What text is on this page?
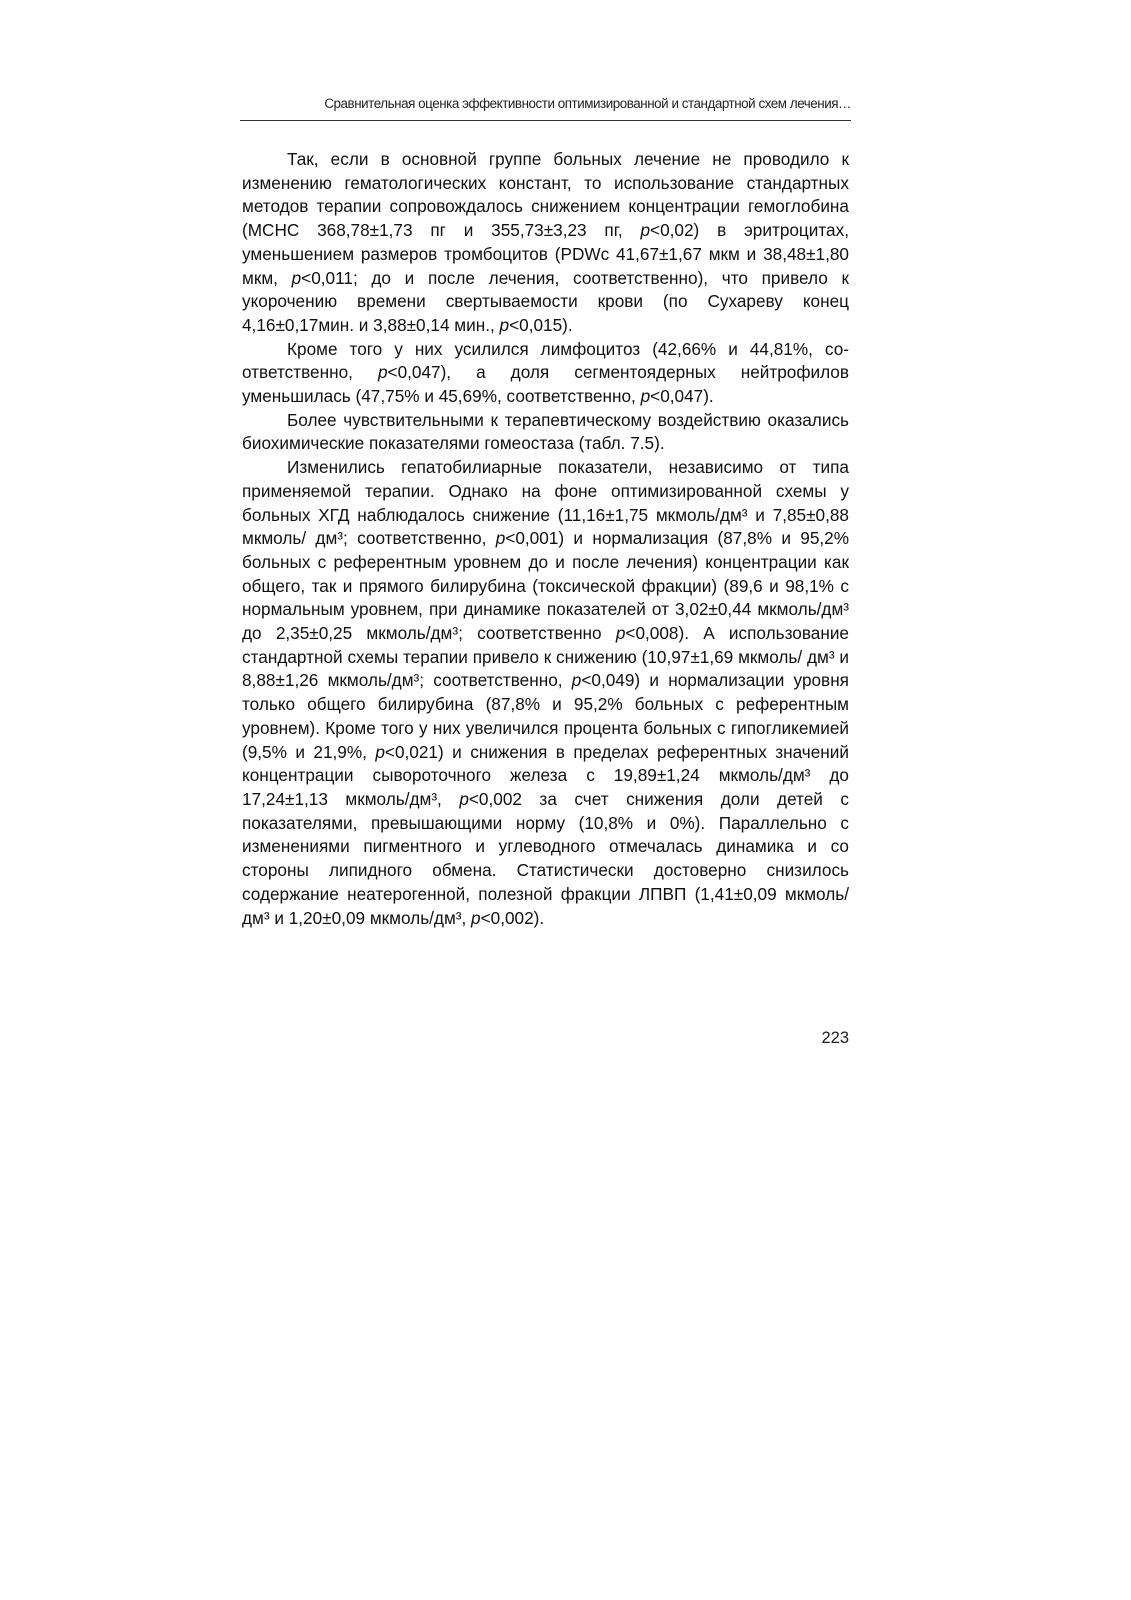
Сравнительная оценка эффективности оптимизированной и стандартной схем лечения…

Так, если в основной группе больных лечение не проводило к изменению гематологических констант, то использование стандартных методов терапии сопровождалось снижением концентрации гемоглобина (МСНС 368,78±1,73 пг и 355,73±3,23 пг, p<0,02) в эритроцитах, уменьшением размеров тромбоцитов (PDWc 41,67±1,67 мкм и 38,48±1,80 мкм, p<0,011; до и после лечения, соответственно), что привело к укорочению времени свертываемости крови (по Сухареву конец 4,16±0,17мин. и 3,88±0,14 мин., p<0,015).

Кроме того у них усилился лимфоцитоз (42,66% и 44,81%, соответственно, p<0,047), а доля сегментоядерных нейтрофилов уменьшилась (47,75% и 45,69%, соответственно, p<0,047).

Более чувствительными к терапевтическому воздействию оказались биохимические показателями гомеостаза (табл. 7.5).

Изменились гепатобилиарные показатели, независимо от типа применяемой терапии. Однако на фоне оптимизированной схемы у больных ХГД наблюдалось снижение (11,16±1,75 мкмоль/дм³ и 7,85±0,88 мкмоль/ дм³; соответственно, p<0,001) и нормализация (87,8% и 95,2% больных с референтным уровнем до и после лечения) концентрации как общего, так и прямого билирубина (токсической фракции) (89,6 и 98,1% с нормальным уровнем, при динамике показателей от 3,02±0,44 мкмоль/дм³ до 2,35±0,25 мкмоль/дм³; соответственно p<0,008). А использование стандартной схемы терапии привело к снижению (10,97±1,69 мкмоль/ дм³ и 8,88±1,26 мкмоль/дм³; соответственно, p<0,049) и нормализации уровня только общего билирубина (87,8% и 95,2% больных с референтным уровнем). Кроме того у них увеличился процента больных с гипогликемией (9,5% и 21,9%, p<0,021) и снижения в пределах референтных значений концентрации сывороточного железа с 19,89±1,24 мкмоль/дм³ до 17,24±1,13 мкмоль/дм³, p<0,002 за счет снижения доли детей с показателями, превышающими норму (10,8% и 0%). Параллельно с изменениями пигментного и углеводного отмечалась динамика и со стороны липидного обмена. Статистически достоверно снизилось содержание неатерогенной, полезной фракции ЛПВП (1,41±0,09 мкмоль/дм³ и 1,20±0,09 мкмоль/дм³, p<0,002).

223
